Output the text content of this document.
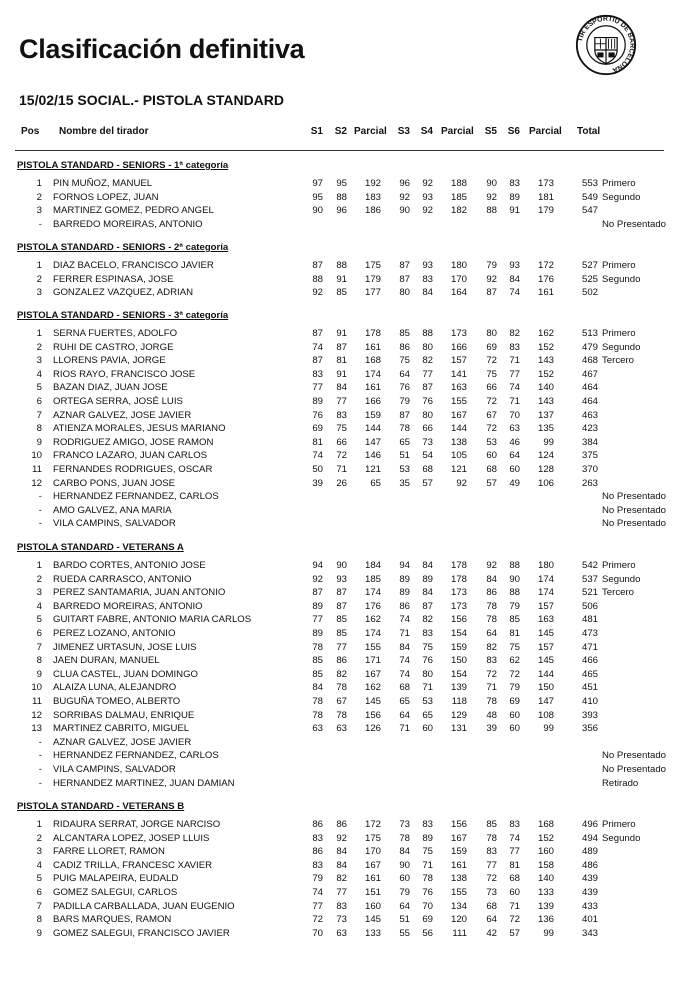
Clasificación definitiva	TIR ESPORTIU DE BARCELONA
15/02/15 SOCIAL.- PISTOLA STANDARD
Pos Nombre del tirador	S1	S2 Parcial	S3	S4 Parcial	S5	S6 Parcial Total
PISTOLA STANDARD - SENIORS - 1ª categoría
1 PIN MUÑOZ, MANUEL	97	95	192	96	92	188	90	83	173	553 Primero
2 FORNOS LOPEZ, JUAN	95	88	183	92	93	185	92	89	181	549 Segundo
3 MARTINEZ GOMEZ, PEDRO ANGEL	90	96	186	90	92	182	88	91	179	547
- BARREDO MOREIRAS, ANTONIO	No Presentado
PISTOLA STANDARD - SENIORS - 2ª categoría
1 DIAZ BACELO, FRANCISCO JAVIER	87	88	175	87	93	180	79	93	172	527 Primero
2 FERRER ESPINASA, JOSE	88	91	179	87	83	170	92	84	176	525 Segundo
3 GONZALEZ VAZQUEZ, ADRIAN	92	85	177	80	84	164	87	74	161	502
PISTOLA STANDARD - SENIORS - 3ª categoría
1 SERNA FUERTES, ADOLFO	87	91	178	85	88	173	80	82	162	513 Primero
2 RUHI DE CASTRO, JORGE	74	87	161	86	80	166	69	83	152	479 Segundo
3 LLORENS PAVIA, JORGE	87	81	168	75	82	157	72	71	143	468 Tercero
4 RIOS RAYO, FRANCISCO JOSE	83	91	174	64	77	141	75	77	152	467
5 BAZAN DIAZ, JUAN JOSE	77	84	161	76	87	163	66	74	140	464
6 ORTEGA SERRA, JOSÉ LUIS	89	77	166	79	76	155	72	71	143	464
7 AZNAR GALVEZ, JOSE JAVIER	76	83	159	87	80	167	67	70	137	463
8 ATIENZA MORALES, JESUS MARIANO	69	75	144	78	66	144	72	63	135	423
9 RODRIGUEZ AMIGO, JOSE RAMON	81	66	147	65	73	138	53	46	99	384
10 FRANCO LAZARO, JUAN CARLOS	74	72	146	51	54	105	60	64	124	375
11 FERNANDES RODRIGUES, OSCAR	50	71	121	53	68	121	68	60	128	370
12 CARBO PONS, JUAN JOSE	39	26	65	35	57	92	57	49	106	263
- HERNANDEZ FERNANDEZ, CARLOS	No Presentado
- AMO GALVEZ, ANA MARIA	No Presentado
- VILA CAMPINS, SALVADOR	No Presentado
PISTOLA STANDARD - VETERANS A
1 BARDO CORTES, ANTONIO JOSE	94	90	184	94	84	178	92	88	180	542 Primero
2 RUEDA CARRASCO, ANTONIO	92	93	185	89	89	178	84	90	174	537 Segundo
3 PEREZ SANTAMARIA, JUAN ANTONIO	87	87	174	89	84	173	86	88	174	521 Tercero
4 BARREDO MOREIRAS, ANTONIO	89	87	176	86	87	173	78	79	157	506
5 GUITART FABRE, ANTONIO MARIA CARLOS	77	85	162	74	82	156	78	85	163	481
6 PEREZ LOZANO, ANTONIO	89	85	174	71	83	154	64	81	145	473
7 JIMENEZ URTASUN, JOSE LUIS	78	77	155	84	75	159	82	75	157	471
8 JAEN DURAN, MANUEL	85	86	171	74	76	150	83	62	145	466
9 CLUA CASTEL, JUAN DOMINGO	85	82	167	74	80	154	72	72	144	465
10 ALAIZA LUNA, ALEJANDRO	84	78	162	68	71	139	71	79	150	451
11 BUGUÑA TOMEO, ALBERTO	78	67	145	65	53	118	78	69	147	410
12 SORRIBAS DALMAU, ENRIQUE	78	78	156	64	65	129	48	60	108	393
13 MARTINEZ CABRITO, MIGUEL	63	63	126	71	60	131	39	60	99	356
- AZNAR GALVEZ, JOSE JAVIER
- HERNANDEZ FERNANDEZ, CARLOS	No Presentado
- VILA CAMPINS, SALVADOR	No Presentado
- HERNANDEZ MARTINEZ, JUAN DAMIAN	Retirado
PISTOLA STANDARD - VETERANS B
1 RIDAURA SERRAT, JORGE NARCISO	86	86	172	73	83	156	85	83	168	496 Primero
2 ALCANTARA LOPEZ, JOSEP LLUIS	83	92	175	78	89	167	78	74	152	494 Segundo
3 FARRE LLORET, RAMON	86	84	170	84	75	159	83	77	160	489
4 CADIZ TRILLA, FRANCESC XAVIER	83	84	167	90	71	161	77	81	158	486
5 PUIG MALAPEIRA, EUDALD	79	82	161	60	78	138	72	68	140	439
6 GOMEZ SALEGUI, CARLOS	74	77	151	79	76	155	73	60	133	439
7 PADILLA CARBALLADA, JUAN EUGENIO	77	83	160	64	70	134	68	71	139	433
8 BARS MARQUES, RAMON	72	73	145	51	69	120	64	72	136	401
9 GOMEZ SALEGUI, FRANCISCO JAVIER	70	63	133	55	56	111	42	57	99	343
